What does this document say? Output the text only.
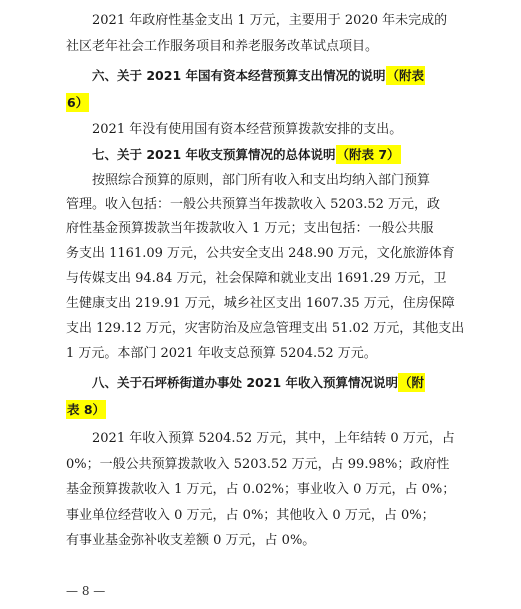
2021 年政府性基金支出 1 万元，主要用于 2020 年未完成的
社区老年社会工作服务项目和养老服务改革试点项目。
六、关于 2021 年国有资本经营预算支出情况的说明（附表
6）
2021 年没有使用国有资本经营预算拨款安排的支出。
七、关于 2021 年收支预算情况的总体说明（附表 7）
按照综合预算的原则，部门所有收入和支出均纳入部门预算
管理。收入包括：一般公共预算当年拨款收入 5203.52 万元，政
府性基金预算拨款当年拨款收入 1 万元；支出包括：一般公共服
务支出 1161.09 万元，公共安全支出 248.90 万元，文化旅游体育
与传媒支出 94.84 万元，社会保障和就业支出 1691.29 万元，卫
生健康支出 219.91 万元，城乡社区支出 1607.35 万元，住房保障
支出 129.12 万元，灾害防治及应急管理支出 51.02 万元，其他支出
1 万元。本部门 2021 年收支总预算 5204.52 万元。
八、关于石坪桥街道办事处 2021 年收入预算情况说明（附
表 8）
2021 年收入预算 5204.52 万元，其中，上年结转 0 万元，占
0%；一般公共预算拨款收入 5203.52 万元，占 99.98%；政府性
基金预算拨款收入 1 万元，占 0.02%；事业收入 0 万元，占 0%；
事业单位经营收入 0 万元，占 0%；其他收入 0 万元，占 0%；
有事业基金弥补收支差额 0 万元，占 0%。
— 8 —
